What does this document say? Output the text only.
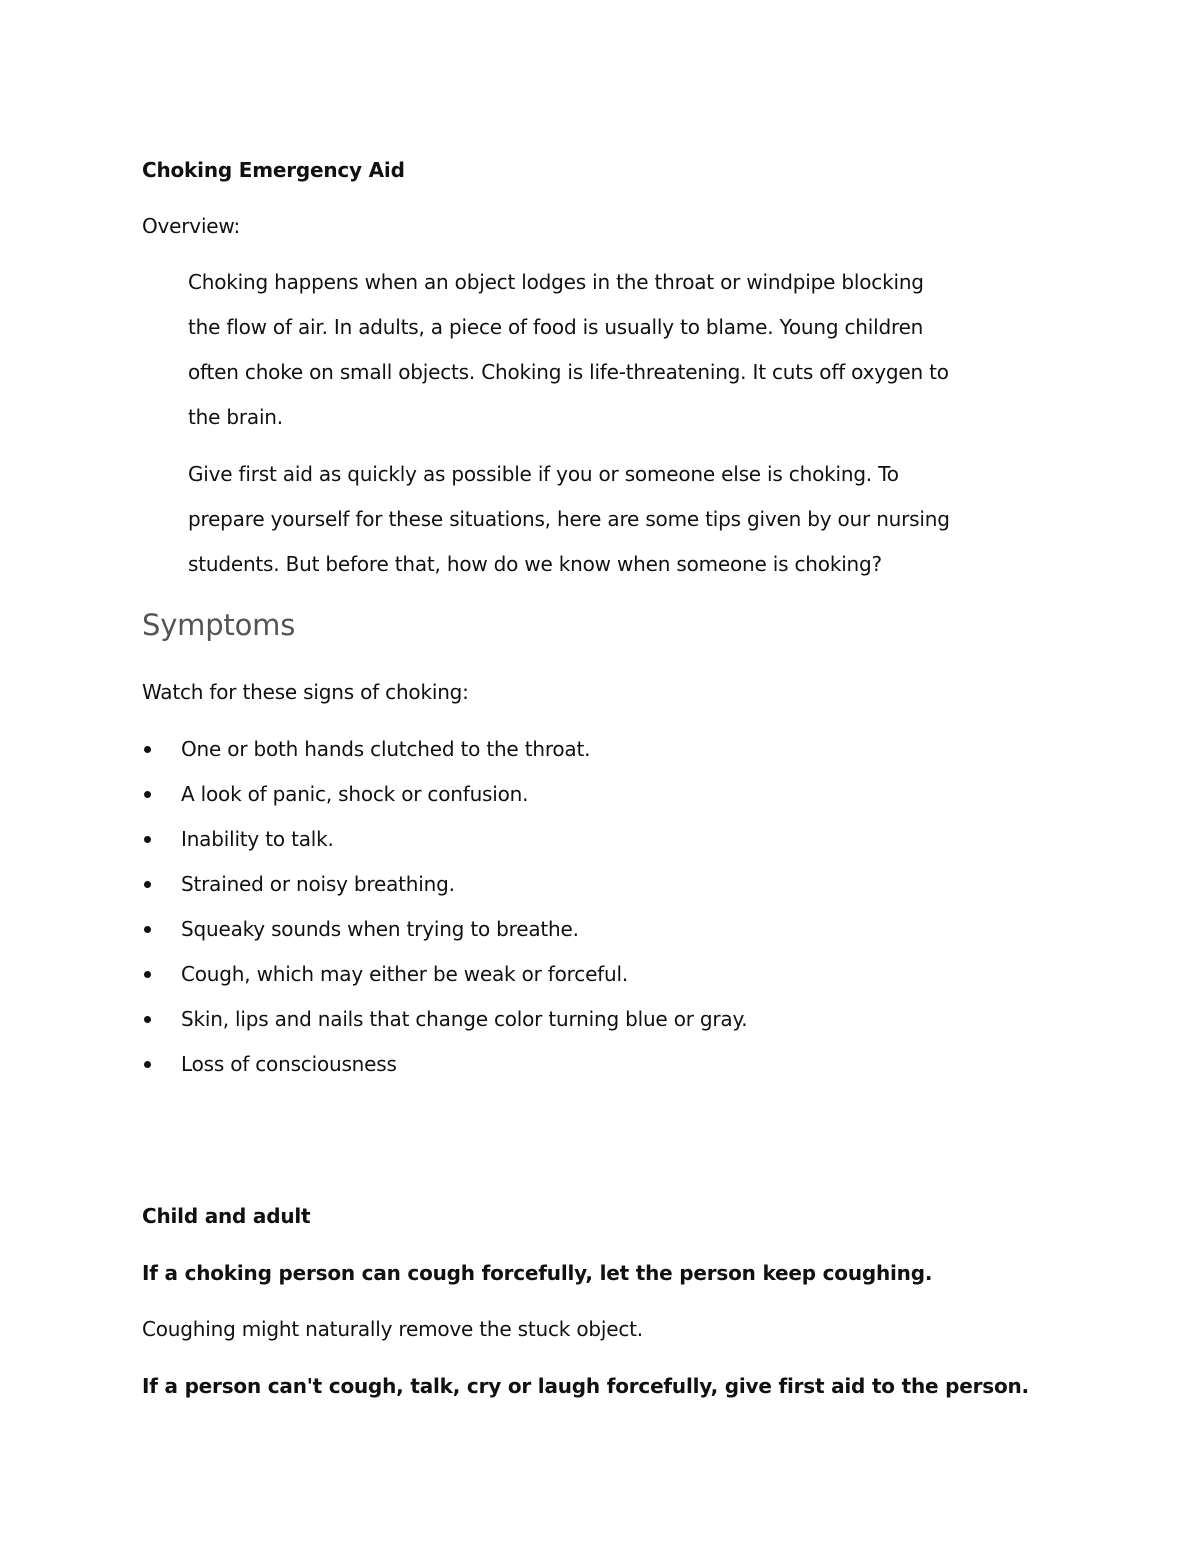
Choking Emergency Aid

Overview:

Choking happens when an object lodges in the throat or windpipe blocking
the flow of air. In adults, a piece of food is usually to blame. Young children
often choke on small objects. Choking is life-threatening. It cuts off oxygen to
the brain.

Give first aid as quickly as possible if you or someone else is choking. To
prepare yourself for these situations, here are some tips given by our nursing
students. But before that, how do we know when someone is choking?

Symptoms

Watch for these signs of choking:

One or both hands clutched to the throat.
A look of panic, shock or confusion.
Inability to talk.
Strained or noisy breathing.
Squeaky sounds when trying to breathe.
Cough, which may either be weak or forceful.
Skin, lips and nails that change color turning blue or gray.
Loss of consciousness
Child and adult

If a choking person can cough forcefully, let the person keep coughing.

Coughing might naturally remove the stuck object.

If a person can't cough, talk, cry or laugh forcefully, give first aid to the person.
